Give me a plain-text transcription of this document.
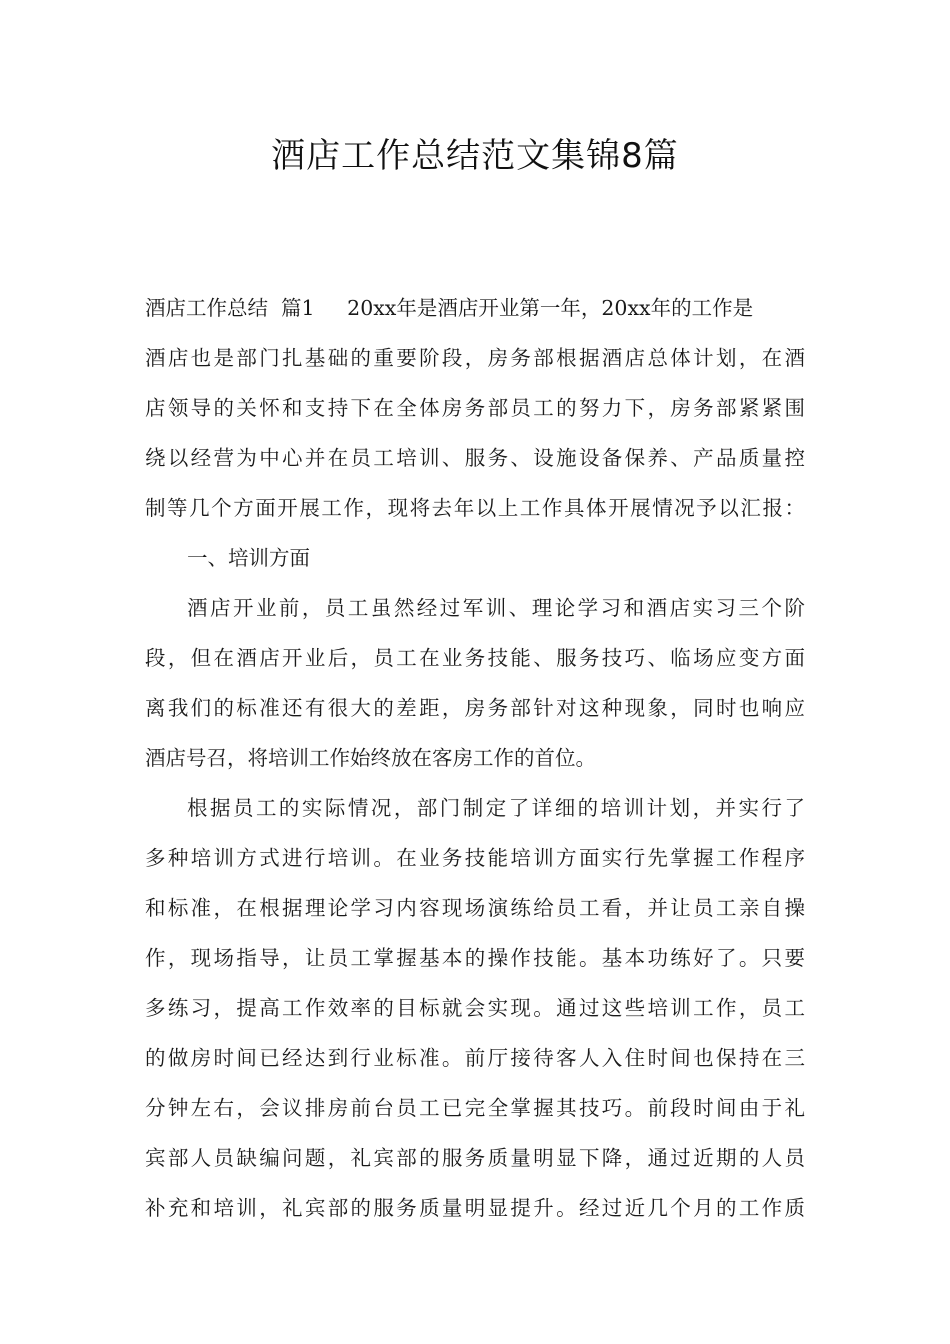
酒店工作总结范文集锦8篇
酒店工作总结  篇1     20xx年是酒店开业第一年，20xx年的工作是
酒店也是部门扎基础的重要阶段，房务部根据酒店总体计划，在酒
店领导的关怀和支持下在全体房务部员工的努力下，房务部紧紧围
绕以经营为中心并在员工培训、服务、设施设备保养、产品质量控
制等几个方面开展工作，现将去年以上工作具体开展情况予以汇报：
一、培训方面
酒店开业前，员工虽然经过军训、理论学习和酒店实习三个阶
段，但在酒店开业后，员工在业务技能、服务技巧、临场应变方面
离我们的标准还有很大的差距，房务部针对这种现象，同时也响应
酒店号召，将培训工作始终放在客房工作的首位。
根据员工的实际情况，部门制定了详细的培训计划，并实行了
多种培训方式进行培训。在业务技能培训方面实行先掌握工作程序
和标准，在根据理论学习内容现场演练给员工看，并让员工亲自操
作，现场指导，让员工掌握基本的操作技能。基本功练好了。只要
多练习，提高工作效率的目标就会实现。通过这些培训工作，员工
的做房时间已经达到行业标准。前厅接待客人入住时间也保持在三
分钟左右，会议排房前台员工已完全掌握其技巧。前段时间由于礼
宾部人员缺编问题，礼宾部的服务质量明显下降，通过近期的人员
补充和培训，礼宾部的服务质量明显提升。经过近几个月的工作质
